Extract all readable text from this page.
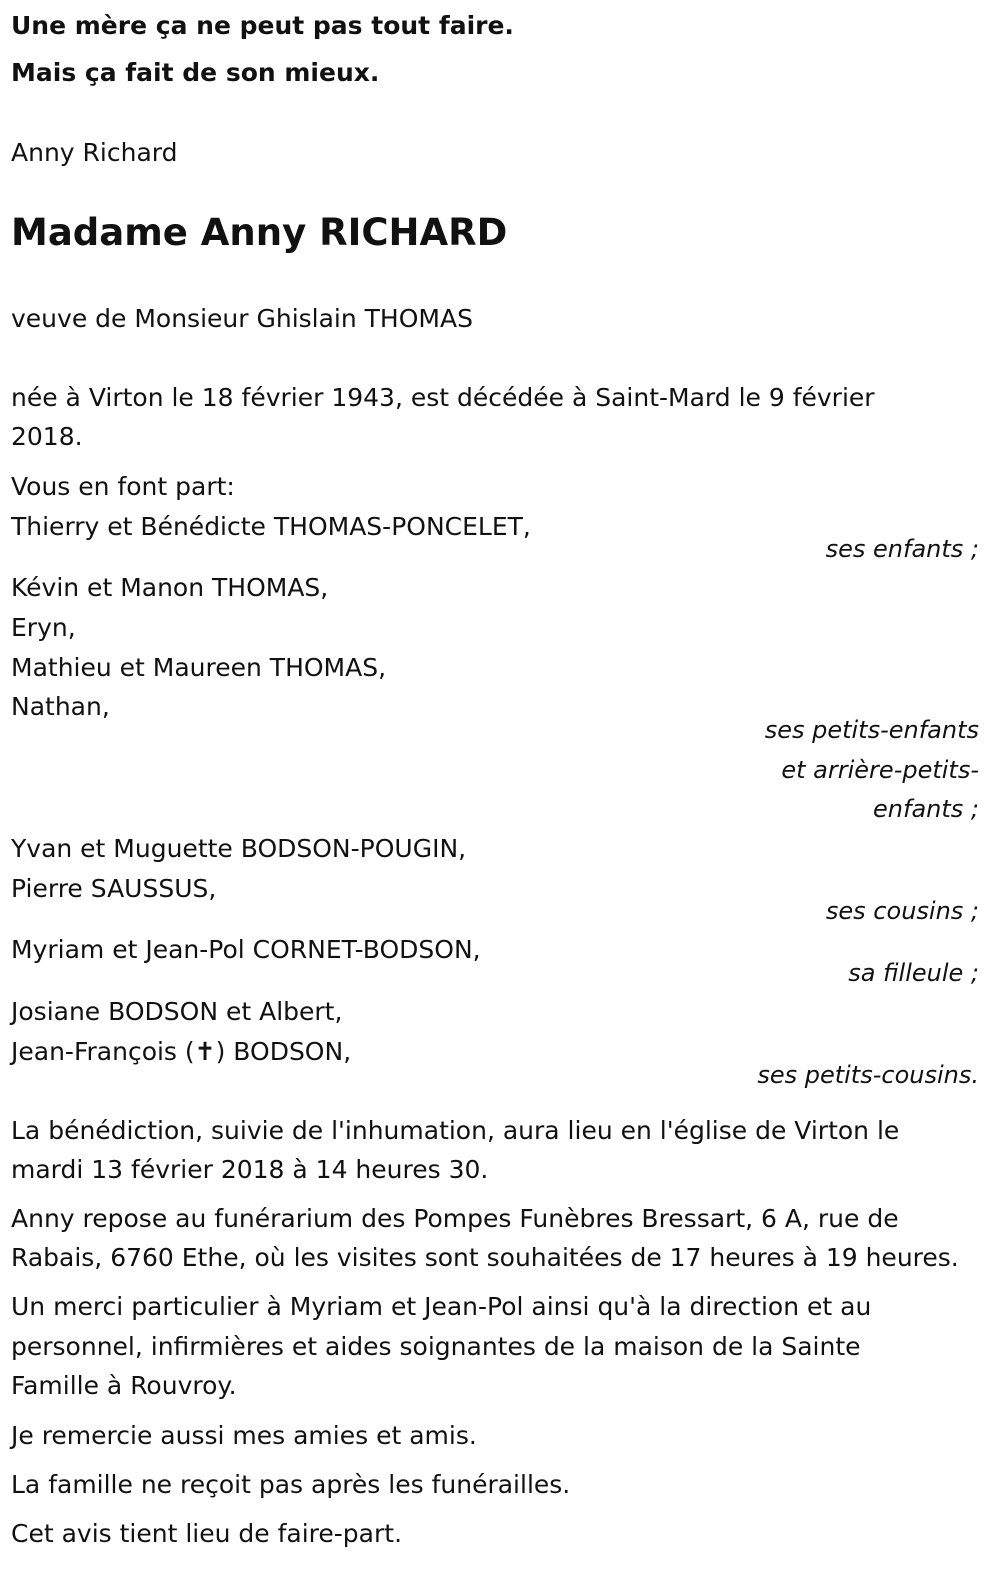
Une mère ça ne peut pas tout faire.
Mais ça fait de son mieux.
Anny Richard
Madame Anny RICHARD
veuve de Monsieur Ghislain THOMAS
née à Virton le 18 février 1943, est décédée à Saint-Mard le 9 février
2018.
Vous en font part:
Thierry et Bénédicte THOMAS-PONCELET,
ses enfants ;
Kévin et Manon THOMAS,
Eryn,
Mathieu et Maureen THOMAS,
Nathan,
ses petits-enfants
et arrière-petits-
enfants ;
Yvan et Muguette BODSON-POUGIN,
Pierre SAUSSUS,
ses cousins ;
Myriam et Jean-Pol CORNET-BODSON,
sa filleule ;
Josiane BODSON et Albert,
Jean-François (✝) BODSON,
ses petits-cousins.
La bénédiction, suivie de l'inhumation, aura lieu en l'église de Virton le
mardi 13 février 2018 à 14 heures 30.
Anny repose au funérarium des Pompes Funèbres Bressart, 6 A, rue de
Rabais, 6760 Ethe, où les visites sont souhaitées de 17 heures à 19 heures.
Un merci particulier à Myriam et Jean-Pol ainsi qu'à la direction et au
personnel, infirmières et aides soignantes de la maison de la Sainte
Famille à Rouvroy.
Je remercie aussi mes amies et amis.
La famille ne reçoit pas après les funérailles.
Cet avis tient lieu de faire-part.
